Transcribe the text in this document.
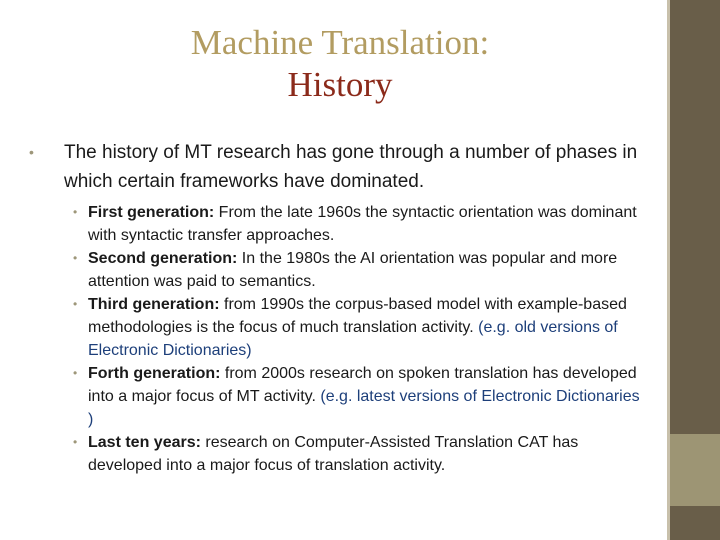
Machine Translation:
History

• The history of MT research has gone through a number of phases in which certain frameworks have dominated.

• First generation: From the late 1960s the syntactic orientation was dominant with syntactic transfer approaches.

• Second generation: In the 1980s the AI orientation was popular and more attention was paid to semantics.

• Third generation: from 1990s the corpus-based model with example-based methodologies is the focus of much translation activity. (e.g. old versions of Electronic Dictionaries)

• Forth generation: from 2000s research on spoken translation has developed into a major focus of MT activity. (e.g. latest versions of Electronic Dictionaries )

• Last ten years: research on Computer-Assisted Translation CAT has developed into a major focus of translation activity.
